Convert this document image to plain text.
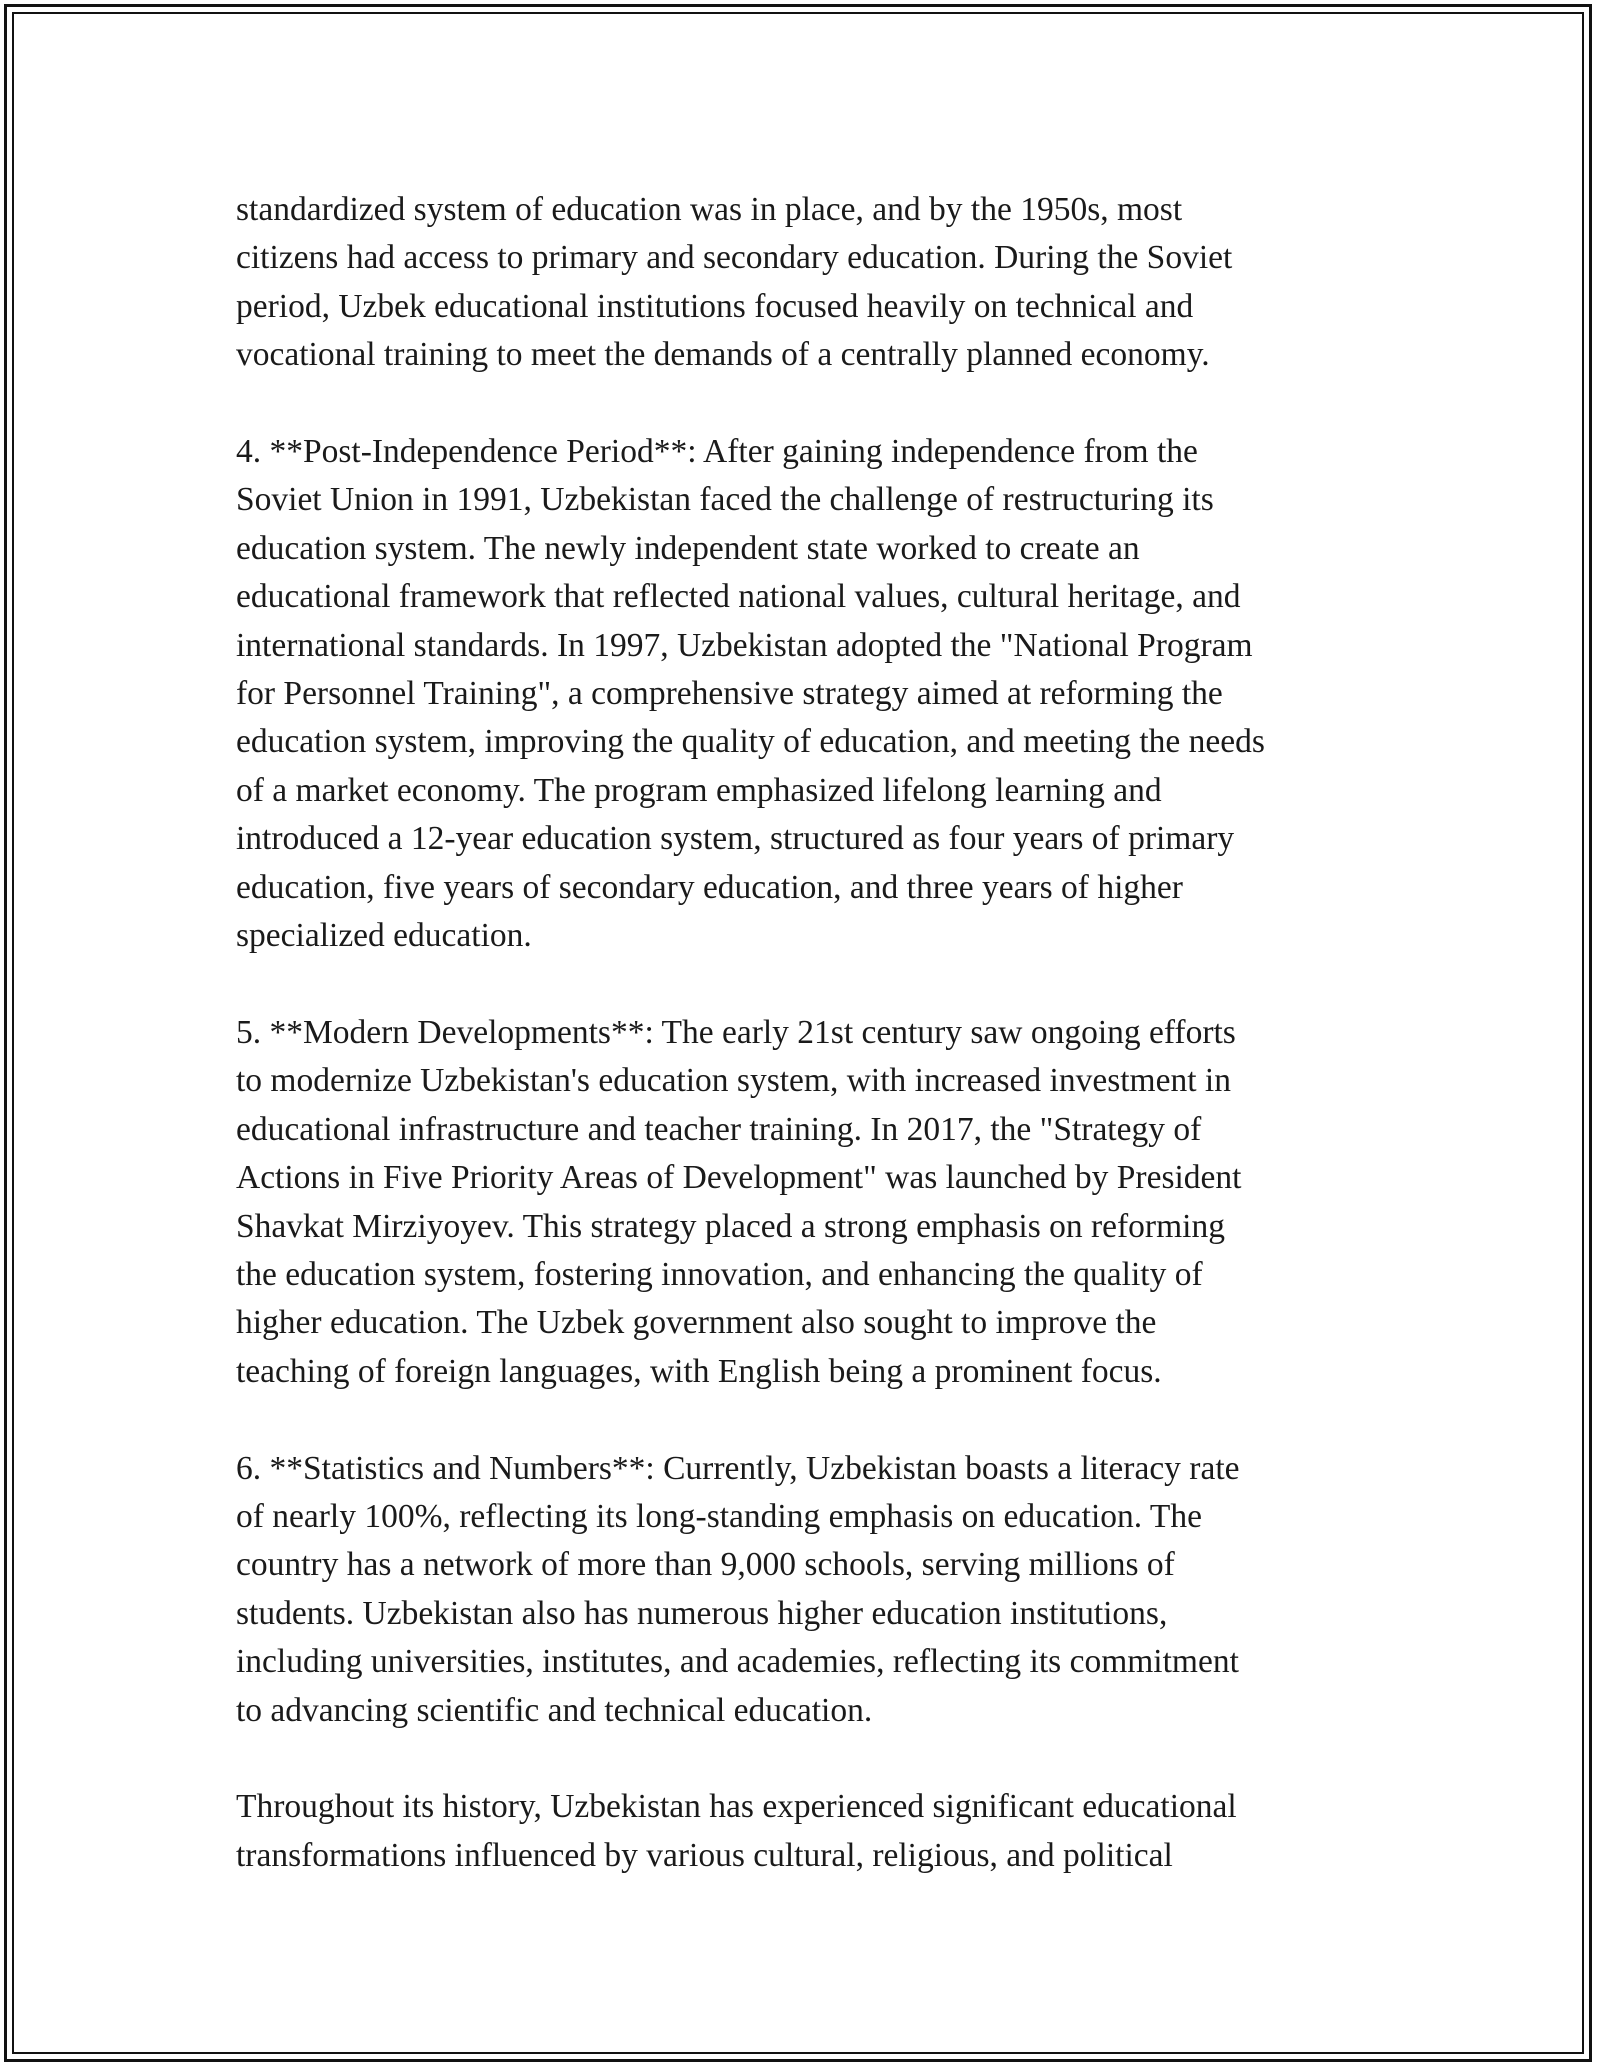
standardized system of education was in place, and by the 1950s, most
citizens had access to primary and secondary education. During the Soviet
period, Uzbek educational institutions focused heavily on technical and
vocational training to meet the demands of a centrally planned economy.

4. **Post-Independence Period**: After gaining independence from the
Soviet Union in 1991, Uzbekistan faced the challenge of restructuring its
education system. The newly independent state worked to create an
educational framework that reflected national values, cultural heritage, and
international standards. In 1997, Uzbekistan adopted the "National Program
for Personnel Training", a comprehensive strategy aimed at reforming the
education system, improving the quality of education, and meeting the needs
of a market economy. The program emphasized lifelong learning and
introduced a 12-year education system, structured as four years of primary
education, five years of secondary education, and three years of higher
specialized education.

5. **Modern Developments**: The early 21st century saw ongoing efforts
to modernize Uzbekistan's education system, with increased investment in
educational infrastructure and teacher training. In 2017, the "Strategy of
Actions in Five Priority Areas of Development" was launched by President
Shavkat Mirziyoyev. This strategy placed a strong emphasis on reforming
the education system, fostering innovation, and enhancing the quality of
higher education. The Uzbek government also sought to improve the
teaching of foreign languages, with English being a prominent focus.

6. **Statistics and Numbers**: Currently, Uzbekistan boasts a literacy rate
of nearly 100%, reflecting its long-standing emphasis on education. The
country has a network of more than 9,000 schools, serving millions of
students. Uzbekistan also has numerous higher education institutions,
including universities, institutes, and academies, reflecting its commitment
to advancing scientific and technical education.

Throughout its history, Uzbekistan has experienced significant educational
transformations influenced by various cultural, religious, and political
